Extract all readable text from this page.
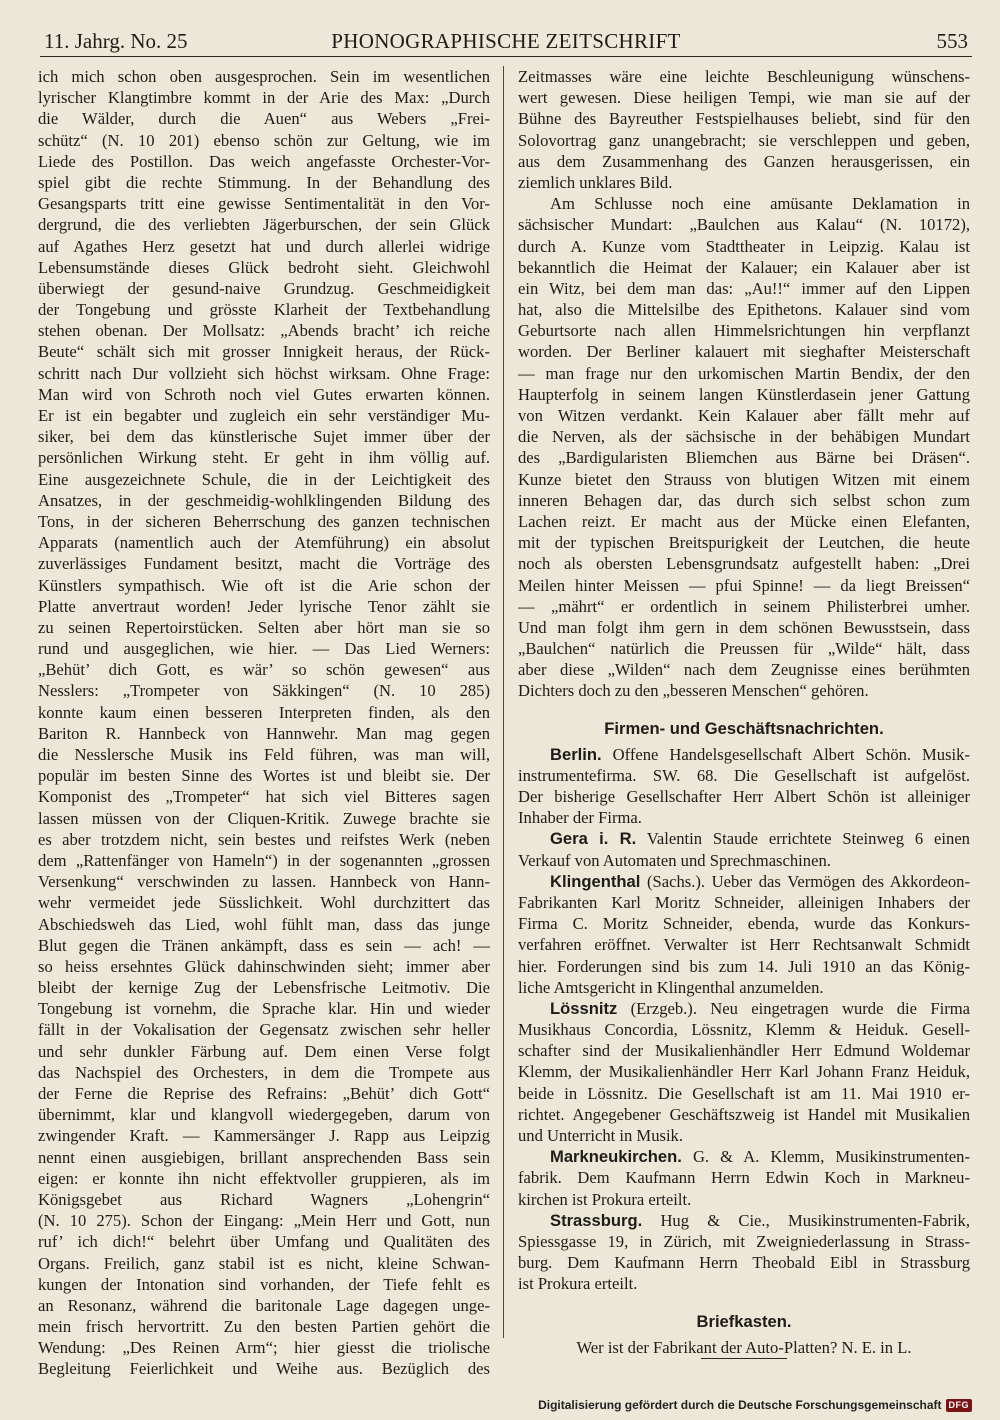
11. Jahrg. No. 25	PHONOGRAPHISCHE ZEITSCHRIFT	553
ich mich schon oben ausgesprochen. Sein im wesentlichen
lyrischer Klangtimbre kommt in der Arie des Max: „Durch
die Wälder, durch die Auen“ aus Webers „Frei-
schütz“ (N. 10 201) ebenso schön zur Geltung, wie im
Liede des Postillon. Das weich angefasste Orchester-Vor-
spiel gibt die rechte Stimmung. In der Behandlung des
Gesangsparts tritt eine gewisse Sentimentalität in den Vor-
dergrund, die des verliebten Jägerburschen, der sein Glück
auf Agathes Herz gesetzt hat und durch allerlei widrige
Lebensumstände dieses Glück bedroht sieht. Gleichwohl
überwiegt der gesund-naive Grundzug. Geschmeidigkeit
der Tongebung und grösste Klarheit der Textbehandlung
stehen obenan. Der Mollsatz: „Abends bracht’ ich reiche
Beute“ schält sich mit grosser Innigkeit heraus, der Rück-
schritt nach Dur vollzieht sich höchst wirksam. Ohne Frage:
Man wird von Schroth noch viel Gutes erwarten können.
Er ist ein begabter und zugleich ein sehr verständiger Mu-
siker, bei dem das künstlerische Sujet immer über der
persönlichen Wirkung steht. Er geht in ihm völlig auf.
Eine ausgezeichnete Schule, die in der Leichtigkeit des
Ansatzes, in der geschmeidig-wohlklingenden Bildung des
Tons, in der sicheren Beherrschung des ganzen technischen
Apparats (namentlich auch der Atemführung) ein absolut
zuverlässiges Fundament besitzt, macht die Vorträge des
Künstlers sympathisch. Wie oft ist die Arie schon der
Platte anvertraut worden! Jeder lyrische Tenor zählt sie
zu seinen Repertoirstücken. Selten aber hört man sie so
rund und ausgeglichen, wie hier. — Das Lied Werners:
„Behüt’ dich Gott, es wär’ so schön gewesen“ aus
Nesslers: „Trompeter von Säkkingen“ (N. 10 285)
konnte kaum einen besseren Interpreten finden, als den
Bariton R. Hannbeck von Hannwehr. Man mag gegen
die Nesslersche Musik ins Feld führen, was man will,
populär im besten Sinne des Wortes ist und bleibt sie. Der
Komponist des „Trompeter“ hat sich viel Bitteres sagen
lassen müssen von der Cliquen-Kritik. Zuwege brachte sie
es aber trotzdem nicht, sein bestes und reifstes Werk (neben
dem „Rattenfänger von Hameln“) in der sogenannten „grossen
Versenkung“ verschwinden zu lassen. Hannbeck von Hann-
wehr vermeidet jede Süsslichkeit. Wohl durchzittert das
Abschiedsweh das Lied, wohl fühlt man, dass das junge
Blut gegen die Tränen ankämpft, dass es sein — ach! —
so heiss ersehntes Glück dahinschwinden sieht; immer aber
bleibt der kernige Zug der Lebensfrische Leitmotiv. Die
Tongebung ist vornehm, die Sprache klar. Hin und wieder
fällt in der Vokalisation der Gegensatz zwischen sehr heller
und sehr dunkler Färbung auf. Dem einen Verse folgt
das Nachspiel des Orchesters, in dem die Trompete aus
der Ferne die Reprise des Refrains: „Behüt’ dich Gott“
übernimmt, klar und klangvoll wiedergegeben, darum von
zwingender Kraft. — Kammersänger J. Rapp aus Leipzig
nennt einen ausgiebigen, brillant ansprechenden Bass sein
eigen: er konnte ihn nicht effektvoller gruppieren, als im
Königsgebet aus Richard Wagners „Lohengrin“
(N. 10 275). Schon der Eingang: „Mein Herr und Gott, nun
ruf’ ich dich!“ belehrt über Umfang und Qualitäten des
Organs. Freilich, ganz stabil ist es nicht, kleine Schwan-
kungen der Intonation sind vorhanden, der Tiefe fehlt es
an Resonanz, während die baritonale Lage dagegen unge-
mein frisch hervortritt. Zu den besten Partien gehört die
Wendung: „Des Reinen Arm“; hier giesst die triolische
Begleitung Feierlichkeit und Weihe aus. Bezüglich des
Zeitmasses wäre eine leichte Beschleunigung wünschens-
wert gewesen. Diese heiligen Tempi, wie man sie auf der
Bühne des Bayreuther Festspielhauses beliebt, sind für den
Solovortrag ganz unangebracht; sie verschleppen und geben,
aus dem Zusammenhang des Ganzen herausgerissen, ein
ziemlich unklares Bild.
Am Schlusse noch eine amüsante Deklamation in
sächsischer Mundart: „Baulchen aus Kalau“ (N. 10172),
durch A. Kunze vom Stadttheater in Leipzig. Kalau ist
bekanntlich die Heimat der Kalauer; ein Kalauer aber ist
ein Witz, bei dem man das: „Au!!“ immer auf den Lippen
hat, also die Mittelsilbe des Epithetons. Kalauer sind vom
Geburtsorte nach allen Himmelsrichtungen hin verpflanzt
worden. Der Berliner kalauert mit sieghafter Meisterschaft
— man frage nur den urkomischen Martin Bendix, der den
Haupterfolg in seinem langen Künstlerdasein jener Gattung
von Witzen verdankt. Kein Kalauer aber fällt mehr auf
die Nerven, als der sächsische in der behäbigen Mundart
des „Bardigularisten Bliemchen aus Bärne bei Dräsen“.
Kunze bietet den Strauss von blutigen Witzen mit einem
inneren Behagen dar, das durch sich selbst schon zum
Lachen reizt. Er macht aus der Mücke einen Elefanten,
mit der typischen Breitspurigkeit der Leutchen, die heute
noch als obersten Lebensgrundsatz aufgestellt haben: „Drei
Meilen hinter Meissen — pfui Spinne! — da liegt Breissen“
— „mährt“ er ordentlich in seinem Philisterbrei umher.
Und man folgt ihm gern in dem schönen Bewusstsein, dass
„Baulchen“ natürlich die Preussen für „Wilde“ hält, dass
aber diese „Wilden“ nach dem Zeugnisse eines berühmten
Dichters doch zu den „besseren Menschen“ gehören.
Firmen- und Geschäftsnachrichten.
Berlin. Offene Handelsgesellschaft Albert Schön. Musik-
instrumentefirma. SW. 68. Die Gesellschaft ist aufgelöst.
Der bisherige Gesellschafter Herr Albert Schön ist alleiniger
Inhaber der Firma.
Gera i. R. Valentin Staude errichtete Steinweg 6 einen
Verkauf von Automaten und Sprechmaschinen.
Klingenthal (Sachs.). Ueber das Vermögen des Akkordeon-
Fabrikanten Karl Moritz Schneider, alleinigen Inhabers der
Firma C. Moritz Schneider, ebenda, wurde das Konkurs-
verfahren eröffnet. Verwalter ist Herr Rechtsanwalt Schmidt
hier. Forderungen sind bis zum 14. Juli 1910 an das König-
liche Amtsgericht in Klingenthal anzumelden.
Lössnitz (Erzgeb.). Neu eingetragen wurde die Firma
Musikhaus Concordia, Lössnitz, Klemm & Heiduk. Gesell-
schafter sind der Musikalienhändler Herr Edmund Woldemar
Klemm, der Musikalienhändler Herr Karl Johann Franz Heiduk,
beide in Lössnitz. Die Gesellschaft ist am 11. Mai 1910 er-
richtet. Angegebener Geschäftszweig ist Handel mit Musikalien
und Unterricht in Musik.
Markneukirchen. G. & A. Klemm, Musikinstrumenten-
fabrik. Dem Kaufmann Herrn Edwin Koch in Markneu-
kirchen ist Prokura erteilt.
Strassburg. Hug & Cie., Musikinstrumenten-Fabrik,
Spiessgasse 19, in Zürich, mit Zweigniederlassung in Strass-
burg. Dem Kaufmann Herrn Theobald Eibl in Strassburg
ist Prokura erteilt.
Briefkasten.
Wer ist der Fabrikant der Auto-Platten? N. E. in L.
Digitalisierung gefördert durch die Deutsche Forschungsgemeinschaft DFG
